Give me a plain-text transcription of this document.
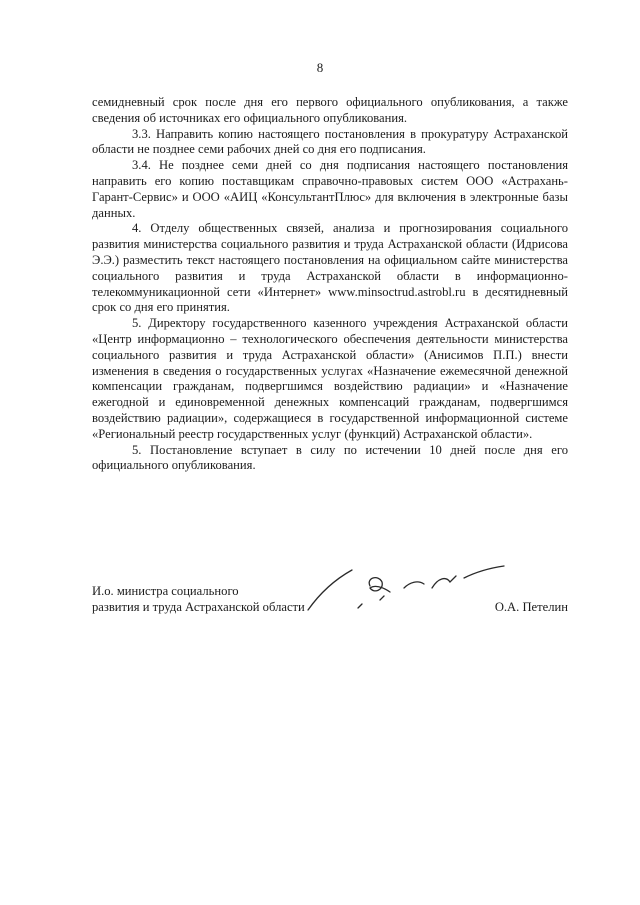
8

семидневный срок после дня его первого официального опубликования, а также сведения об источниках его официального опубликования.

3.3. Направить копию настоящего постановления в прокуратуру Астраханской области не позднее семи рабочих дней со дня его подписания.

3.4. Не позднее семи дней со дня подписания настоящего постановления направить его копию поставщикам справочно-правовых систем ООО «Астрахань-Гарант-Сервис» и ООО «АИЦ «КонсультантПлюс» для включения в электронные базы данных.

4. Отделу общественных связей, анализа и прогнозирования социального развития министерства социального развития и труда Астраханской области (Идрисова Э.Э.) разместить текст настоящего постановления на официальном сайте министерства социального развития и труда Астраханской области в информационно-телекоммуникационной сети «Интернет» www.minsoctrud.astrobl.ru в десятидневный срок со дня его принятия.

5. Директору государственного казенного учреждения Астраханской области «Центр информационно – технологического обеспечения деятельности министерства социального развития и труда Астраханской области» (Анисимов П.П.) внести изменения в сведения о государственных услугах «Назначение ежемесячной денежной компенсации гражданам, подвергшимся воздействию радиации» и «Назначение ежегодной и единовременной денежных компенсаций гражданам, подвергшимся воздействию радиации», содержащиеся в государственной информационной системе «Региональный реестр государственных услуг (функций) Астраханской области».

5. Постановление вступает в силу по истечении 10 дней после дня его официального опубликования.

И.о. министра социального
развития и труда Астраханской области	О.А. Петелин
